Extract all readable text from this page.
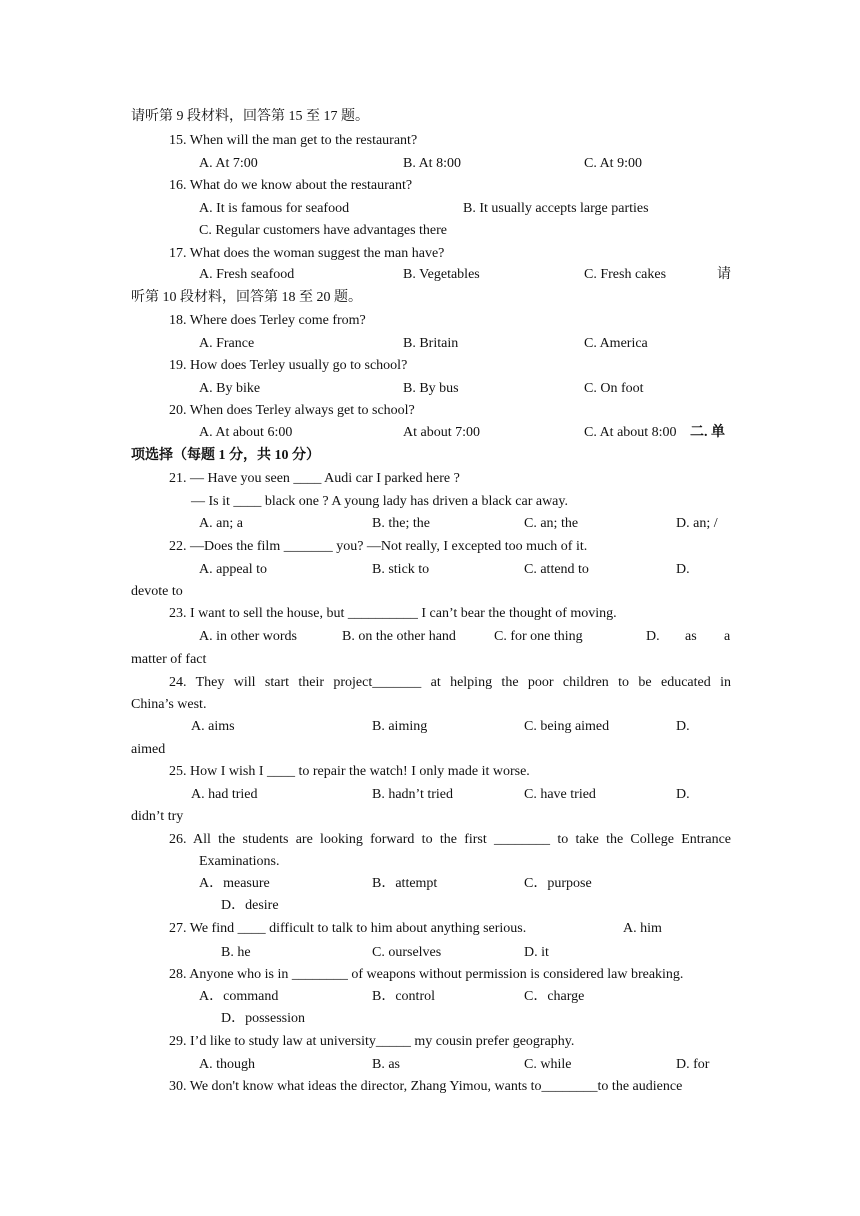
请听第 9 段材料，回答第 15 至 17 题。
15. When will the man get to the restaurant?
A. At 7:00	B. At 8:00	C. At 9:00
16. What do we know about the restaurant?
A. It is famous for seafood	B. It usually accepts large parties
C. Regular customers have advantages there
17. What does the woman suggest the man have?
A. Fresh seafood	B. Vegetables	C. Fresh cakes	请
听第 10 段材料，回答第 18 至 20 题。
18. Where does Terley come from?
A. France	B. Britain	C. America
19. How does Terley usually go to school?
A. By bike	B. By bus	C. On foot
20. When does Terley always get to school?
A. At about 6:00	At about 7:00	C. At about 8:00 二. 单
项选择（每题 1 分，共 10 分）
21. — Have you seen ____ Audi car I parked here ?
— Is it ____ black one ? A young lady has driven a black car away.
A. an; a	B. the; the	C. an; the	D. an; /
22. —Does the film _______ you? —Not really, I excepted too much of it.
A. appeal to	B. stick to	C. attend to	D.
devote to
23. I want to sell the house, but __________ I can’t bear the thought of moving.
A. in other words	B. on the other hand	C. for one thing	D. as a
matter of fact
24. They will start their project_______ at helping the poor children to be educated in
China’s west.
A. aims	B. aiming	C. being aimed	D.
aimed
25. How I wish I ____ to repair the watch! I only made it worse.
A. had tried	B. hadn’t tried	C. have tried	D.
didn’t try
26. All the students are looking forward to the first ________ to take the College Entrance
Examinations.
A．measure	B．attempt	C．purpose
D．desire
27. We find ____ difficult to talk to him about anything serious.	A. him
B. he	C. ourselves	D. it
28. Anyone who is in ________ of weapons without permission is considered law breaking.
A．command	B．control	C．charge
D．possession
29. I’d like to study law at university_____ my cousin prefer geography.
A. though	B. as	C. while	D. for
30. We don't know what ideas the director, Zhang Yimou, wants to________to the audience
